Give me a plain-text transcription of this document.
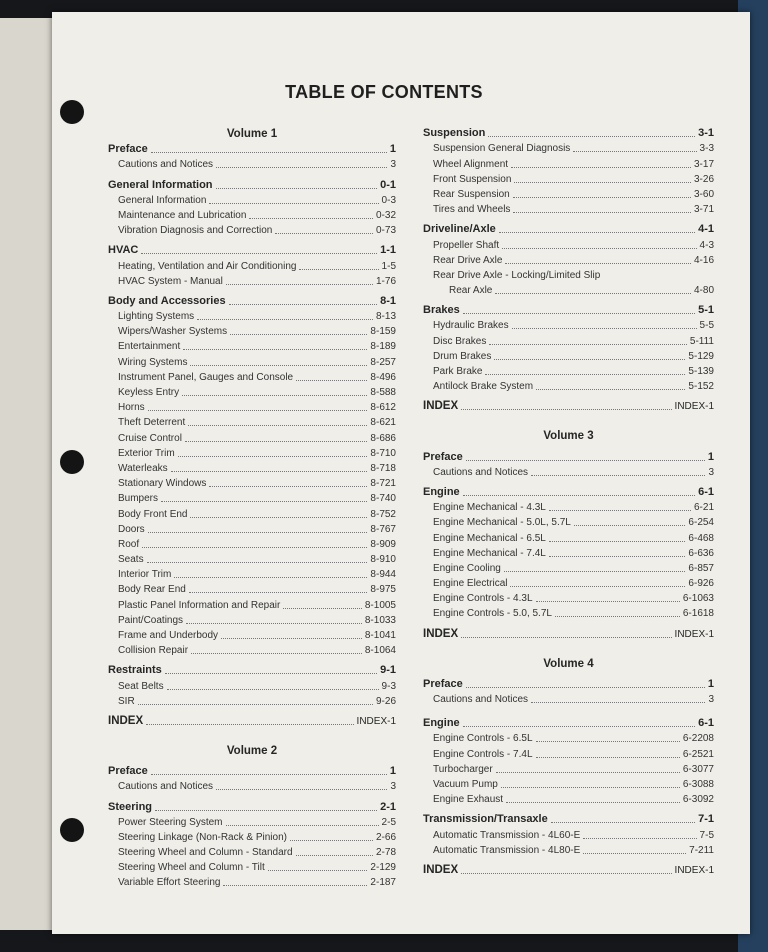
TABLE OF CONTENTS
Volume 1
Preface	1
Cautions and Notices	3
General Information	0-1
General Information	0-3
Maintenance and Lubrication	0-32
Vibration Diagnosis and Correction	0-73
HVAC	1-1
Heating, Ventilation and Air Conditioning	1-5
HVAC System - Manual	1-76
Body and Accessories	8-1
Lighting Systems	8-13
Wipers/Washer Systems	8-159
Entertainment	8-189
Wiring Systems	8-257
Instrument Panel, Gauges and Console	8-496
Keyless Entry	8-588
Horns	8-612
Theft Deterrent	8-621
Cruise Control	8-686
Exterior Trim	8-710
Waterleaks	8-718
Stationary Windows	8-721
Bumpers	8-740
Body Front End	8-752
Doors	8-767
Roof	8-909
Seats	8-910
Interior Trim	8-944
Body Rear End	8-975
Plastic Panel Information and Repair	8-1005
Paint/Coatings	8-1033
Frame and Underbody	8-1041
Collision Repair	8-1064
Restraints	9-1
Seat Belts	9-3
SIR	9-26
INDEX	INDEX-1
Volume 2
Preface	1
Cautions and Notices	3
Steering	2-1
Power Steering System	2-5
Steering Linkage (Non-Rack & Pinion)	2-66
Steering Wheel and Column - Standard	2-78
Steering Wheel and Column - Tilt	2-129
Variable Effort Steering	2-187
Suspension	3-1
Suspension General Diagnosis	3-3
Wheel Alignment	3-17
Front Suspension	3-26
Rear Suspension	3-60
Tires and Wheels	3-71
Driveline/Axle	4-1
Propeller Shaft	4-3
Rear Drive Axle	4-16
Rear Drive Axle - Locking/Limited Slip
Rear Axle	4-80
Brakes	5-1
Hydraulic Brakes	5-5
Disc Brakes	5-111
Drum Brakes	5-129
Park Brake	5-139
Antilock Brake System	5-152
INDEX	INDEX-1
Volume 3
Preface	1
Cautions and Notices	3
Engine	6-1
Engine Mechanical - 4.3L	6-21
Engine Mechanical - 5.0L, 5.7L	6-254
Engine Mechanical - 6.5L	6-468
Engine Mechanical - 7.4L	6-636
Engine Cooling	6-857
Engine Electrical	6-926
Engine Controls - 4.3L	6-1063
Engine Controls - 5.0, 5.7L	6-1618
INDEX	INDEX-1
Volume 4
Preface	1
Cautions and Notices	3
Engine	6-1
Engine Controls - 6.5L	6-2208
Engine Controls - 7.4L	6-2521
Turbocharger	6-3077
Vacuum Pump	6-3088
Engine Exhaust	6-3092
Transmission/Transaxle	7-1
Automatic Transmission - 4L60-E	7-5
Automatic Transmission - 4L80-E	7-211
INDEX	INDEX-1
